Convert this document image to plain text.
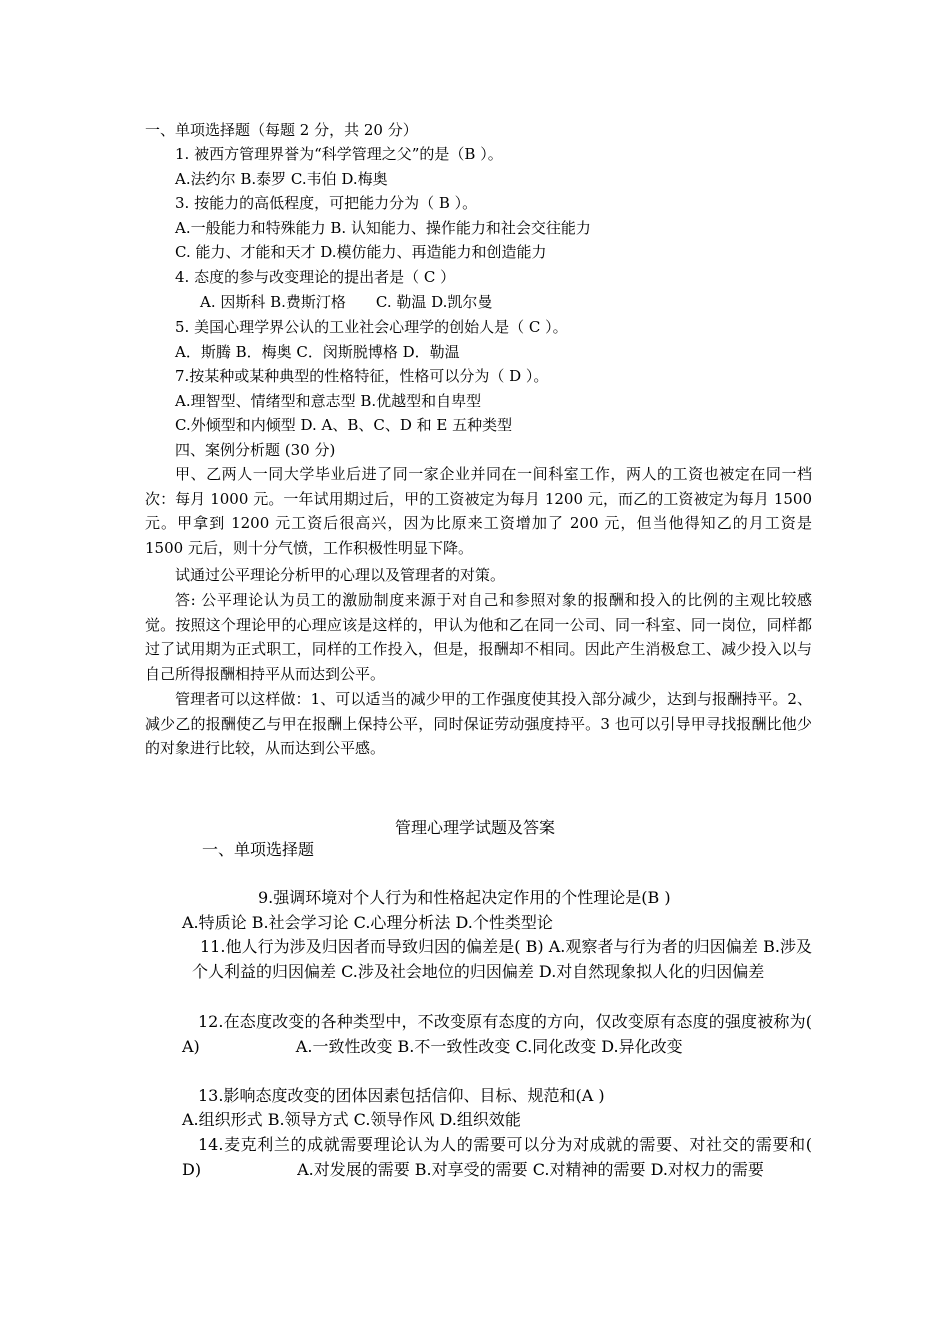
一、单项选择题（每题 2 分，共 20 分）

1. 被西方管理界誉为“科学管理之父”的是（B ）。

A.法约尔 B.泰罗 C.韦伯 D.梅奥

3. 按能力的高低程度，可把能力分为（ B ）。

A.一般能力和特殊能力 B. 认知能力、操作能力和社会交往能力

C. 能力、才能和天才 D.模仿能力、再造能力和创造能力

4. 态度的参与改变理论的提出者是（ C ）

A. 因斯科 B.费斯汀格　　C. 勒温 D.凯尔曼

5. 美国心理学界公认的工业社会心理学的创始人是（ C ）。

A．斯腾 B．梅奥 C．闵斯脱博格 D．勒温

7.按某种或某种典型的性格特征，性格可以分为（ D ）。

A.理智型、情绪型和意志型 B.优越型和自卑型

C.外倾型和内倾型 D. A、B、C、D 和 E 五种类型

四、案例分析题 (30 分)

甲、乙两人一同大学毕业后进了同一家企业并同在一间科室工作，两人的工资也被定在同一档次：每月 1000 元。一年试用期过后，甲的工资被定为每月 1200 元，而乙的工资被定为每月 1500 元。甲拿到 1200 元工资后很高兴，因为比原来工资增加了 200 元，但当他得知乙的月工资是 1500 元后，则十分气愤，工作积极性明显下降。

试通过公平理论分析甲的心理以及管理者的对策。

答: 公平理论认为员工的激励制度来源于对自己和参照对象的报酬和投入的比例的主观比较感觉。按照这个理论甲的心理应该是这样的，甲认为他和乙在同一公司、同一科室、同一岗位，同样都过了试用期为正式职工，同样的工作投入，但是，报酬却不相同。因此产生消极怠工、减少投入以与自己所得报酬相持平从而达到公平。

管理者可以这样做：1、可以适当的减少甲的工作强度使其投入部分减少，达到与报酬持平。2、减少乙的报酬使乙与甲在报酬上保持公平，同时保证劳动强度持平。3 也可以引导甲寻找报酬比他少的对象进行比较，从而达到公平感。

管理心理学试题及答案

一、单项选择题

9.强调环境对个人行为和性格起决定作用的个性理论是(B )

A.特质论 B.社会学习论 C.心理分析法 D.个性类型论

11.他人行为涉及归因者而导致归因的偏差是( B) A.观察者与行为者的归因偏差 B.涉及个人利益的归因偏差 C.涉及社会地位的归因偏差 D.对自然现象拟人化的归因偏差

12.在态度改变的各种类型中，不改变原有态度的方向，仅改变原有态度的强度被称为( A)　　　　　　A.一致性改变 B.不一致性改变 C.同化改变 D.异化改变

13.影响态度改变的团体因素包括信仰、目标、规范和(A )

A.组织形式 B.领导方式 C.领导作风 D.组织效能

14.麦克利兰的成就需要理论认为人的需要可以分为对成就的需要、对社交的需要和( D)　　　　　　A.对发展的需要 B.对享受的需要 C.对精神的需要 D.对权力的需要
